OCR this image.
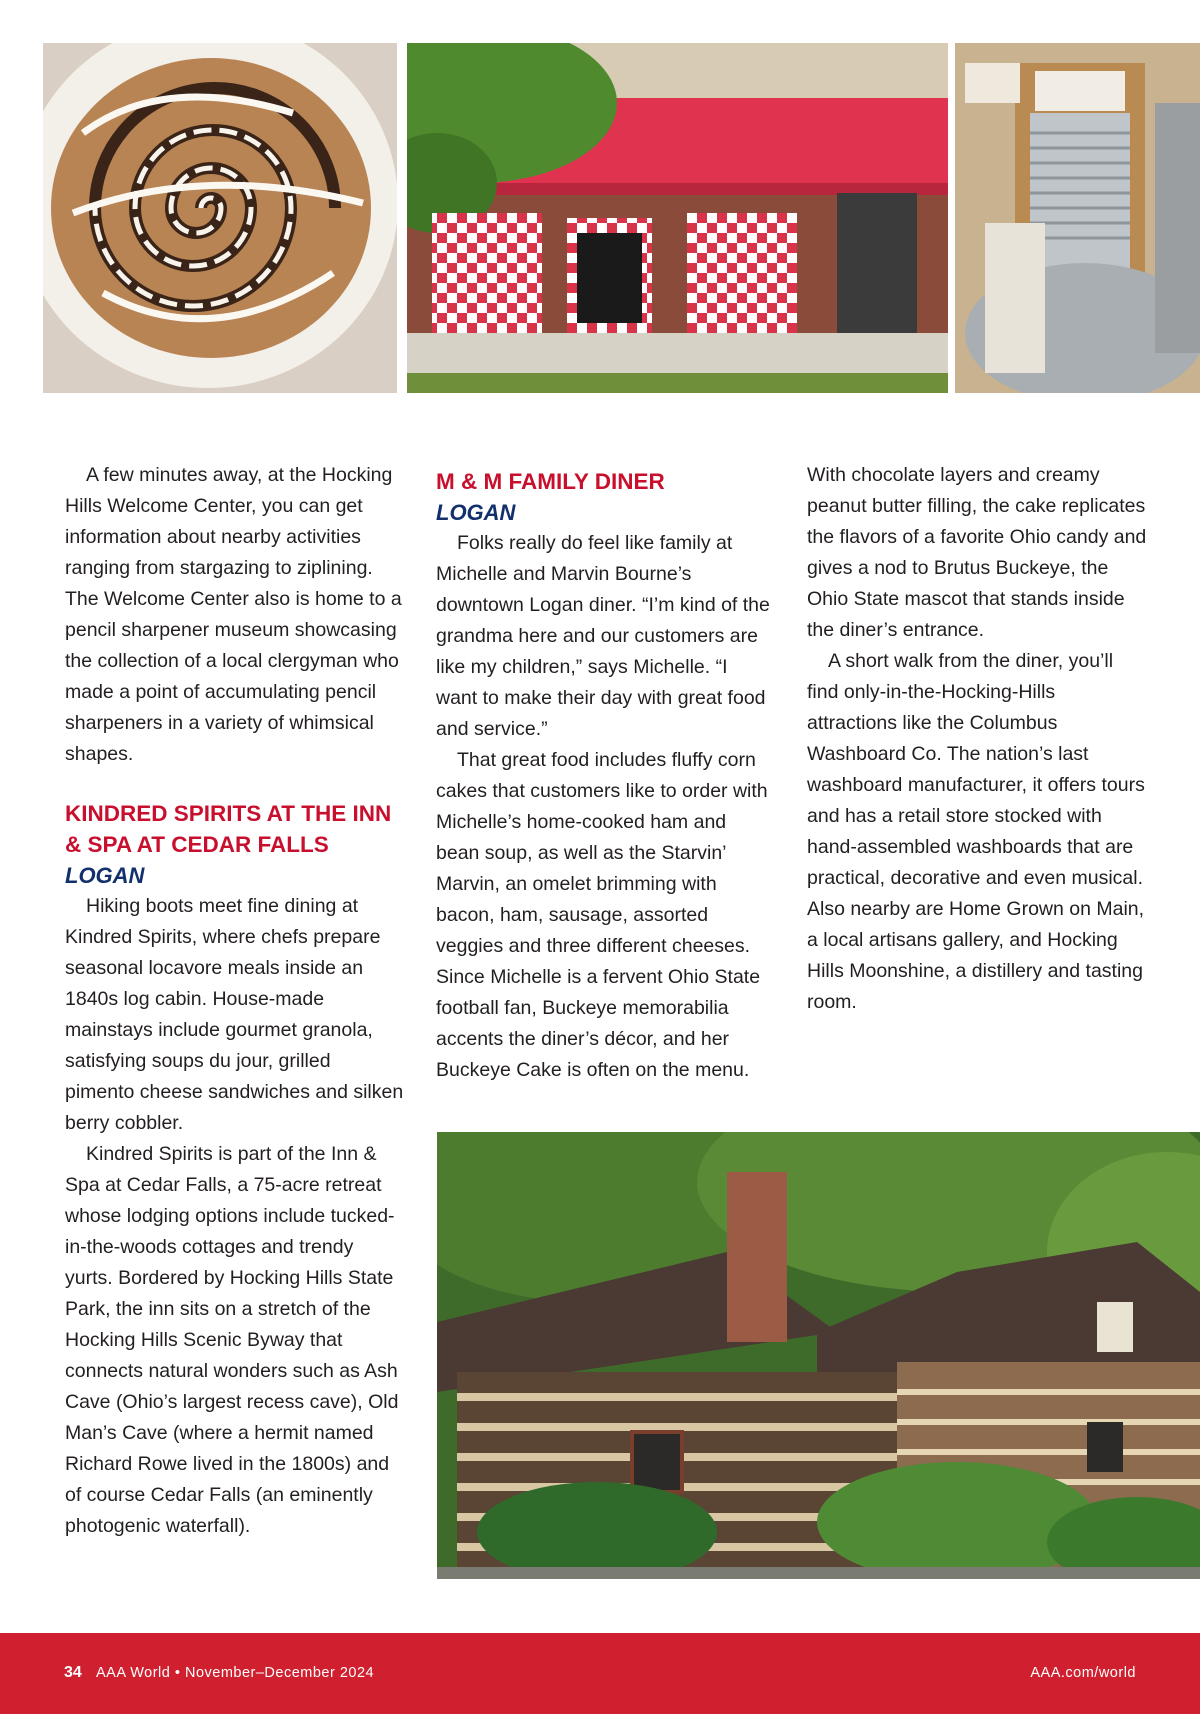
A few minutes away, at the Hocking Hills Welcome Center, you can get information about nearby activities ranging from stargazing to ziplining. The Welcome Center also is home to a pencil sharpener museum showcasing the collection of a local clergyman who made a point of accumulating pencil sharpeners in a variety of whimsical shapes.

KINDRED SPIRITS AT THE INN & SPA AT CEDAR FALLS
LOGAN

Hiking boots meet fine dining at Kindred Spirits, where chefs prepare seasonal locavore meals inside an 1840s log cabin. House-made mainstays include gourmet granola, satisfying soups du jour, grilled pimento cheese sandwiches and silken berry cobbler.

Kindred Spirits is part of the Inn & Spa at Cedar Falls, a 75-acre retreat whose lodging options include tucked-in-the-woods cottages and trendy yurts. Bordered by Hocking Hills State Park, the inn sits on a stretch of the Hocking Hills Scenic Byway that connects natural wonders such as Ash Cave (Ohio’s largest recess cave), Old Man’s Cave (where a hermit named Richard Rowe lived in the 1800s) and of course Cedar Falls (an eminently photogenic waterfall).

M & M FAMILY DINER
LOGAN

Folks really do feel like family at Michelle and Marvin Bourne’s downtown Logan diner. “I’m kind of the grandma here and our customers are like my children,” says Michelle. “I want to make their day with great food and service.”

That great food includes fluffy corn cakes that customers like to order with Michelle’s home-cooked ham and bean soup, as well as the Starvin’ Marvin, an omelet brimming with bacon, ham, sausage, assorted veggies and three different cheeses. Since Michelle is a fervent Ohio State football fan, Buckeye memorabilia accents the diner’s décor, and her Buckeye Cake is often on the menu.

With chocolate layers and creamy peanut butter filling, the cake replicates the flavors of a favorite Ohio candy and gives a nod to Brutus Buckeye, the Ohio State mascot that stands inside the diner’s entrance.

A short walk from the diner, you’ll find only-in-the-Hocking-Hills attractions like the Columbus Washboard Co. The nation’s last washboard manufacturer, it offers tours and has a retail store stocked with hand-assembled washboards that are practical, decorative and even musical. Also nearby are Home Grown on Main, a local artisans gallery, and Hocking Hills Moonshine, a distillery and tasting room.

34 AAA World • November–December 2024	AAA.com/world
